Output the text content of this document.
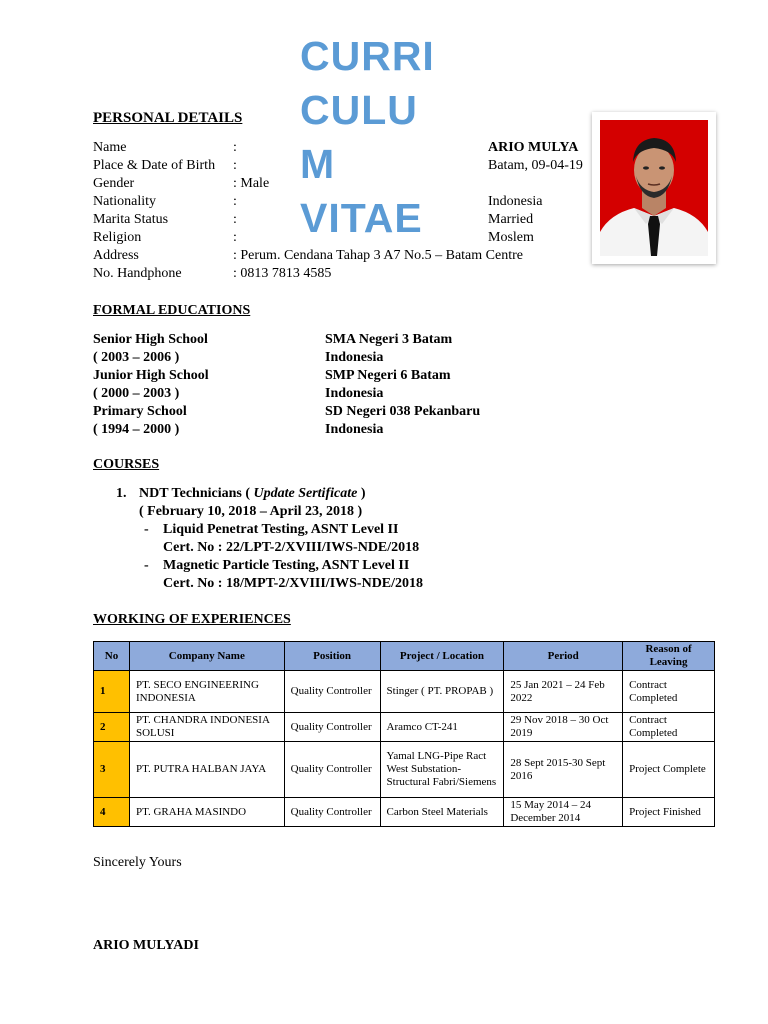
CURRI
CULU
M
VITAE
PERSONAL DETAILS
Name	:	ARIO MULYA
Place & Date of Birth :	Batam, 09-04-19
Gender	: Male
Nationality	:	Indonesia
Marita Status	:	Married
Religion	:	Moslem
Address	: Perum. Cendana Tahap 3 A7 No.5 – Batam Centre
No. Handphone	: 0813 7813 4585
FORMAL EDUCATIONS
Senior High School	SMA Negeri 3 Batam
( 2003 – 2006 )	Indonesia
Junior High School	SMP Negeri 6 Batam
( 2000 – 2003 )	Indonesia
Primary School	SD Negeri 038 Pekanbaru
( 1994 – 2000 )	Indonesia
COURSES
1. NDT Technicians ( Update Sertificate )
( February 10, 2018 – April 23, 2018 )
- Liquid Penetrat Testing, ASNT Level II
Cert. No : 22/LPT-2/XVIII/IWS-NDE/2018
- Magnetic Particle Testing, ASNT Level II
Cert. No : 18/MPT-2/XVIII/IWS-NDE/2018
WORKING OF EXPERIENCES
No	Company Name	Position	Project / Location	Period	Reason of Leaving
1	PT. SECO ENGINEERING INDONESIA	Quality Controller	Stinger ( PT. PROPAB )	25 Jan 2021 – 24 Feb 2022	Contract Completed
2	PT. CHANDRA INDONESIA SOLUSI	Quality Controller	Aramco CT-241	29 Nov 2018 – 30 Oct 2019	Contract Completed
3	PT. PUTRA HALBAN JAYA	Quality Controller	Yamal LNG-Pipe Ract West Substation-Structural Fabri/Siemens	28 Sept 2015-30 Sept 2016	Project Complete
4	PT. GRAHA MASINDO	Quality Controller	Carbon Steel Materials	15 May 2014 – 24 December 2014	Project Finished
Sincerely Yours
ARIO MULYADI
